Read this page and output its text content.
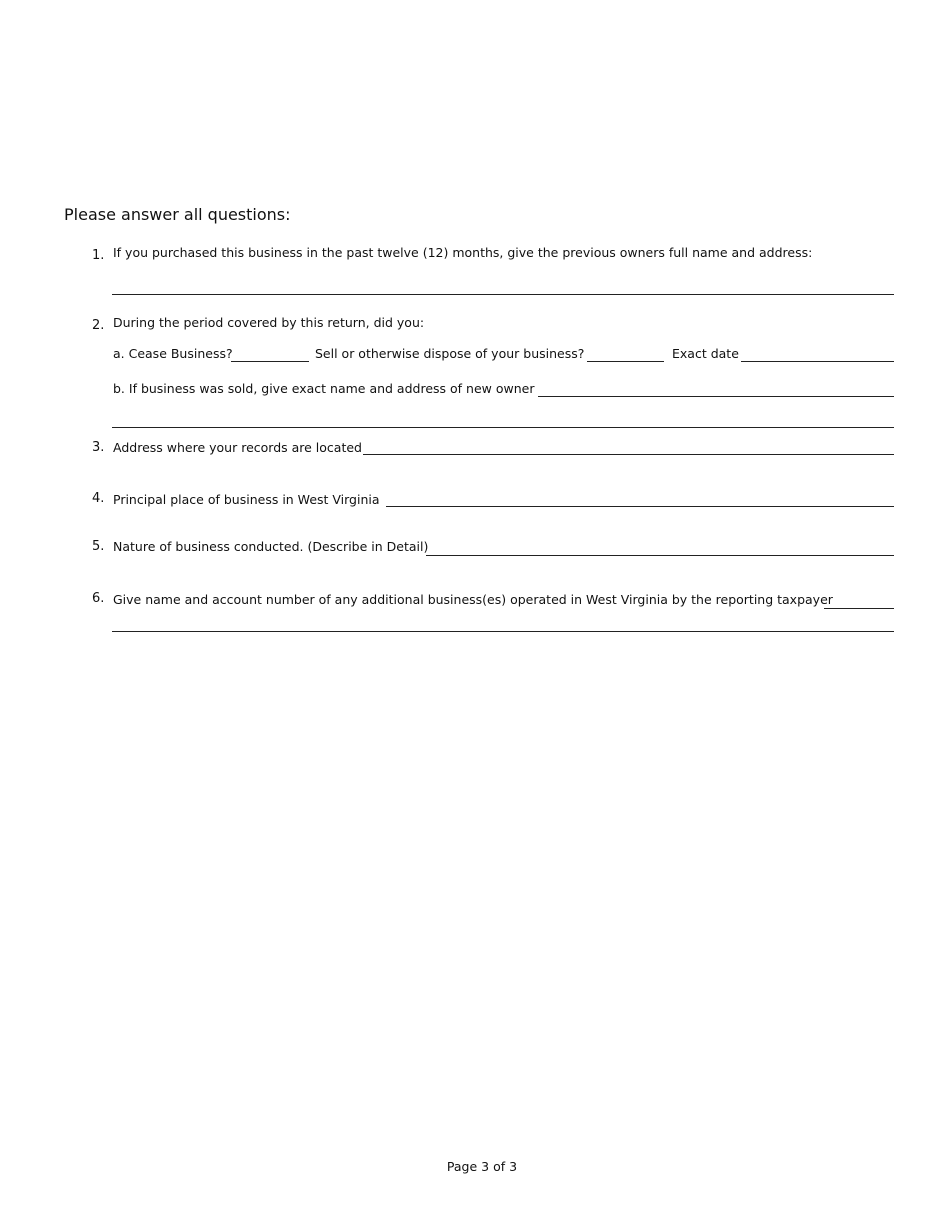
Please answer all questions:
1. If you purchased this business in the past twelve (12) months, give the previous owners full name and address:
2. During the period covered by this return, did you:
a. Cease Business?	Sell or otherwise dispose of your business?	Exact date
b. If business was sold, give exact name and address of new owner
3. Address where your records are located
4. Principal place of business in West Virginia
5. Nature of business conducted. (Describe in Detail)
6. Give name and account number of any additional business(es) operated in West Virginia by the reporting taxpayer
Page 3 of 3
